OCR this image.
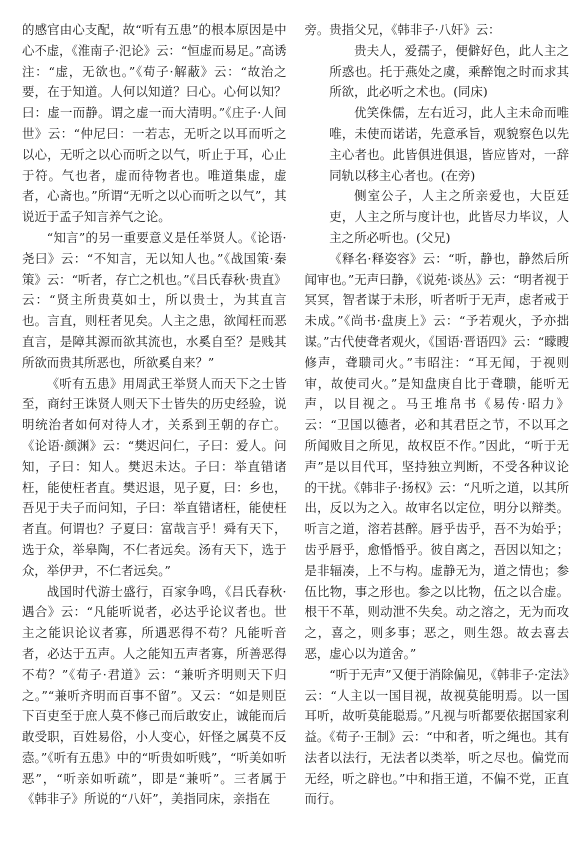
的感官由心支配，故“听有五患”的根本原因是中心不虚，《淮南子·氾论》云：“恒虚而易足。”高诱注：“虚，无欲也。”《荀子·解蔽》云：“故治之要，在于知道。人何以知道？曰心。心何以知？曰：虚一而静。谓之虚一而大清明。”《庄子·人间世》云：“仲尼曰：一若志，无听之以耳而听之以心，无听之以心而听之以气，听止于耳，心止于符。气也者，虚而待物者也。唯道集虚，虚者，心斋也。”所谓“无听之以心而听之以气”，其说近于孟子知言养气之论。

“知言”的另一重要意义是任举贤人。《论语·尧曰》云：“不知言，无以知人也。”《战国策·秦策》云：“听者，存亡之机也。”《吕氏春秋·贵直》云：“贤主所贵莫如士，所以贵士，为其直言也。言直，则枉者见矣。人主之患，欲闻枉而恶直言，是障其源而欲其流也，水奚自至？是贱其所欲而贵其所恶也，所欲奚自来？”

《听有五患》用周武王举贤人而天下之士皆至，商纣王诛贤人则天下士皆失的历史经验，说明统治者如何对待人才，关系到王朝的存亡。《论语·颜渊》云：“樊迟问仁，子曰：爱人。问知，子曰：知人。樊迟未达。子曰：举直错诸枉，能使枉者直。樊迟退，见子夏，曰：乡也，吾见于夫子而问知，子曰：举直错诸枉，能使枉者直。何谓也？子夏曰：富哉言乎！舜有天下，选于众，举皋陶，不仁者远矣。汤有天下，选于众，举伊尹，不仁者远矣。”

战国时代游士盛行，百家争鸣，《吕氏春秋·遇合》云：“凡能听说者，必达乎论议者也。世主之能识论议者寡，所遇恶得不苟？凡能听音者，必达于五声。人之能知五声者寡，所善恶得不苟？”《荀子·君道》云：“兼听齐明则天下归之。”“兼听齐明而百事不留”。又云：“如是则臣下百吏至于庶人莫不修己而后敢安止，诚能而后敢受职，百姓易俗，小人变心，奸怪之属莫不反悫。”《听有五患》中的“听贵如听贱”，“听美如听恶”，“听亲如听疏”，即是“兼听”。三者属于《韩非子》所说的“八奸”，美指同床，亲指在

旁。贵指父兄，《韩非子·八奸》云：

贵夫人，爱孺子，便僻好色，此人主之所惑也。托于燕处之虞，乘醉饱之时而求其所欲，此必听之术也。(同床)

优笑侏儒，左右近习，此人主未命而唯唯，未使而诺诺，先意承旨，观貌察色以先主心者也。此皆俱进俱退，皆应皆对，一辞同轨以移主心者也。(在旁)

侧室公子，人主之所亲爱也，大臣廷吏，人主之所与度计也，此皆尽力毕议，人主之所必听也。(父兄)

《释名·释姿容》云：“听，静也，静然后所闻审也。”无声曰静，《说苑·谈丛》云：“明者视于冥冥，智者谋于未形，听者听于无声，虑者戒于未成。”《尚书·盘庚上》云：“予若观火，予亦拙谋。”古代使聋者观火，《国语·晋语四》云：“矇瞍修声，聋聩司火。”韦昭注：“耳无闻，于视则审，故使司火。”是知盘庚自比于聋聩，能听无声，以目视之。马王堆帛书《易传·昭力》云：“卫国以德者，必和其君臣之节，不以耳之所闻败目之所见，故权臣不作。”因此，“听于无声”是以目代耳，坚持独立判断，不受各种议论的干扰。《韩非子·扬权》云：“凡听之道，以其所出，反以为之入。故审名以定位，明分以辩类。听言之道，溶若甚醉。唇乎齿乎，吾不为始乎；齿乎唇乎，愈惛惛乎。彼自离之，吾因以知之；是非辐凑，上不与构。虚静无为，道之情也；参伍比物，事之形也。参之以比物，伍之以合虚。根干不革，则动泄不失矣。动之溶之，无为而攻之，喜之，则多事；恶之，则生怨。故去喜去恶，虚心以为道舍。”

“听于无声”又便于消除偏见，《韩非子·定法》云：“人主以一国目视，故视莫能明焉。以一国耳听，故听莫能聪焉。”凡视与听都要依据国家利益。《荀子·王制》云：“中和者，听之绳也。其有法者以法行，无法者以类举，听之尽也。偏党而无经，听之辟也。”中和指王道，不偏不党，正直而行。
